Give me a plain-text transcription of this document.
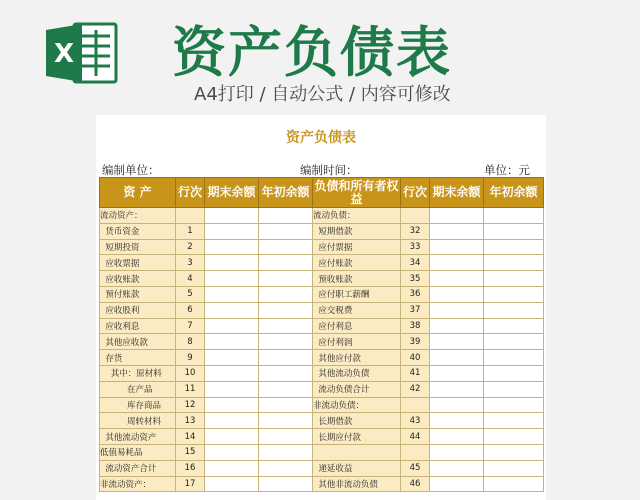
X 资产负债表
A4打印 / 自动公式 / 内容可修改
资产负债表
编制单位：	编制时间：	单位：元
资 产	行次	期末余额	年初余额	负债和所有者权益	行次	期末余额	年初余额
流动资产：				流动负债：			
货币资金	1			短期借款	32		
短期投资	2			应付票据	33		
应收票据	3			应付账款	34		
应收账款	4			预收账款	35		
预付账款	5			应付职工薪酬	36		
应收股利	6			应交税费	37		
应收利息	7			应付利息	38		
其他应收款	8			应付利润	39		
存货	9			其他应付款	40		
其中：原材料	10			其他流动负债	41		
在产品	11			流动负债合计	42		
库存商品	12			非流动负债：			
周转材料	13			长期借款	43		
其他流动资产	14			长期应付款	44		
低值易耗品	15						
流动资产合计	16			递延收益	45		
非流动资产：	17			其他非流动负债	46		
